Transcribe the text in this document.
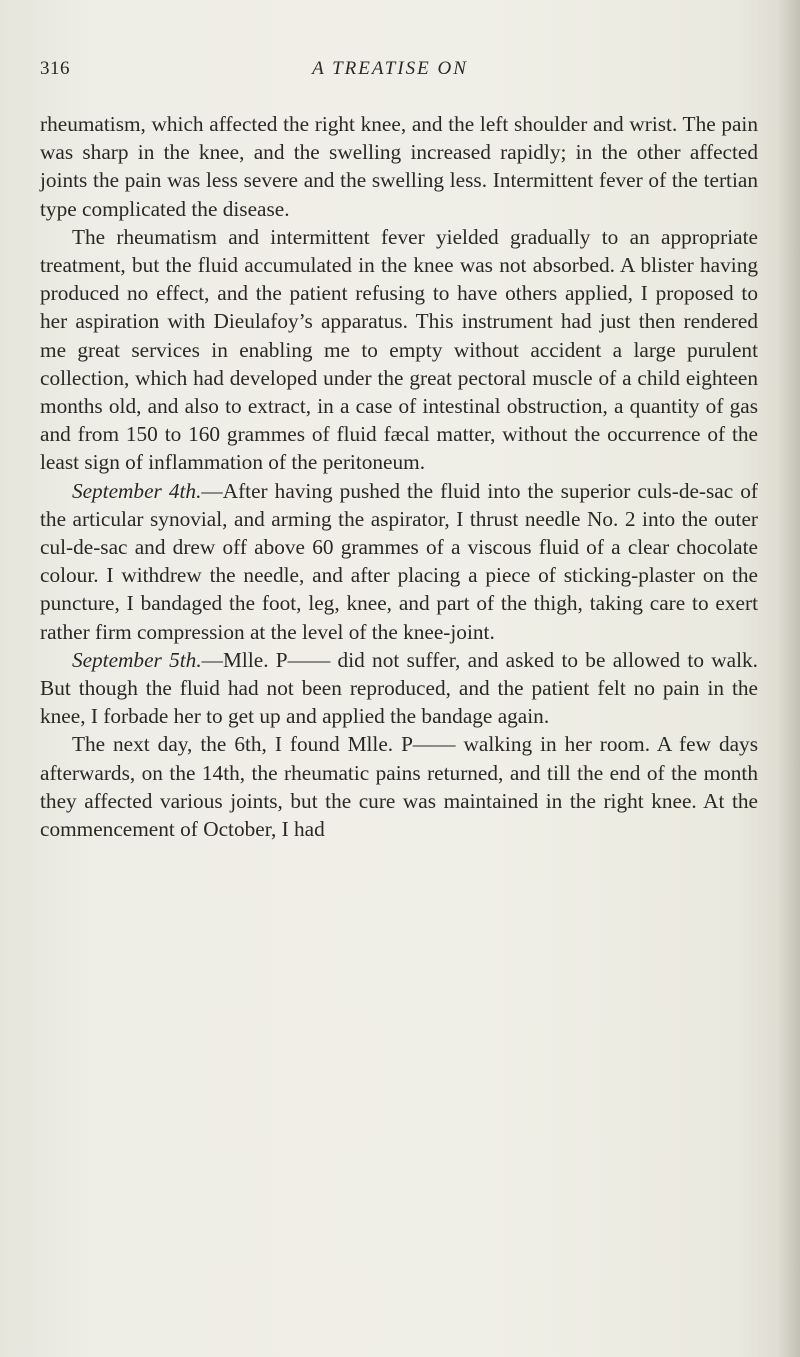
316	A TREATISE ON

rheumatism, which affected the right knee, and the left shoulder and wrist. The pain was sharp in the knee, and the swelling increased rapidly; in the other affected joints the pain was less severe and the swelling less. Intermittent fever of the tertian type complicated the disease.

The rheumatism and intermittent fever yielded gradually to an appropriate treatment, but the fluid accumulated in the knee was not absorbed. A blister having produced no effect, and the patient refusing to have others applied, I proposed to her aspiration with Dieulafoy’s apparatus. This instrument had just then rendered me great services in enabling me to empty without accident a large purulent collection, which had developed under the great pectoral muscle of a child eighteen months old, and also to extract, in a case of intestinal obstruction, a quantity of gas and from 150 to 160 grammes of fluid fæcal matter, without the occurrence of the least sign of inflammation of the peritoneum.

September 4th.—After having pushed the fluid into the superior culs-de-sac of the articular synovial, and arming the aspirator, I thrust needle No. 2 into the outer cul-de-sac and drew off above 60 grammes of a viscous fluid of a clear chocolate colour. I withdrew the needle, and after placing a piece of sticking-plaster on the puncture, I bandaged the foot, leg, knee, and part of the thigh, taking care to exert rather firm compression at the level of the knee-joint.

September 5th.—Mlle. P—— did not suffer, and asked to be allowed to walk. But though the fluid had not been reproduced, and the patient felt no pain in the knee, I forbade her to get up and applied the bandage again.

The next day, the 6th, I found Mlle. P—— walking in her room. A few days afterwards, on the 14th, the rheumatic pains returned, and till the end of the month they affected various joints, but the cure was maintained in the right knee. At the commencement of October, I had
